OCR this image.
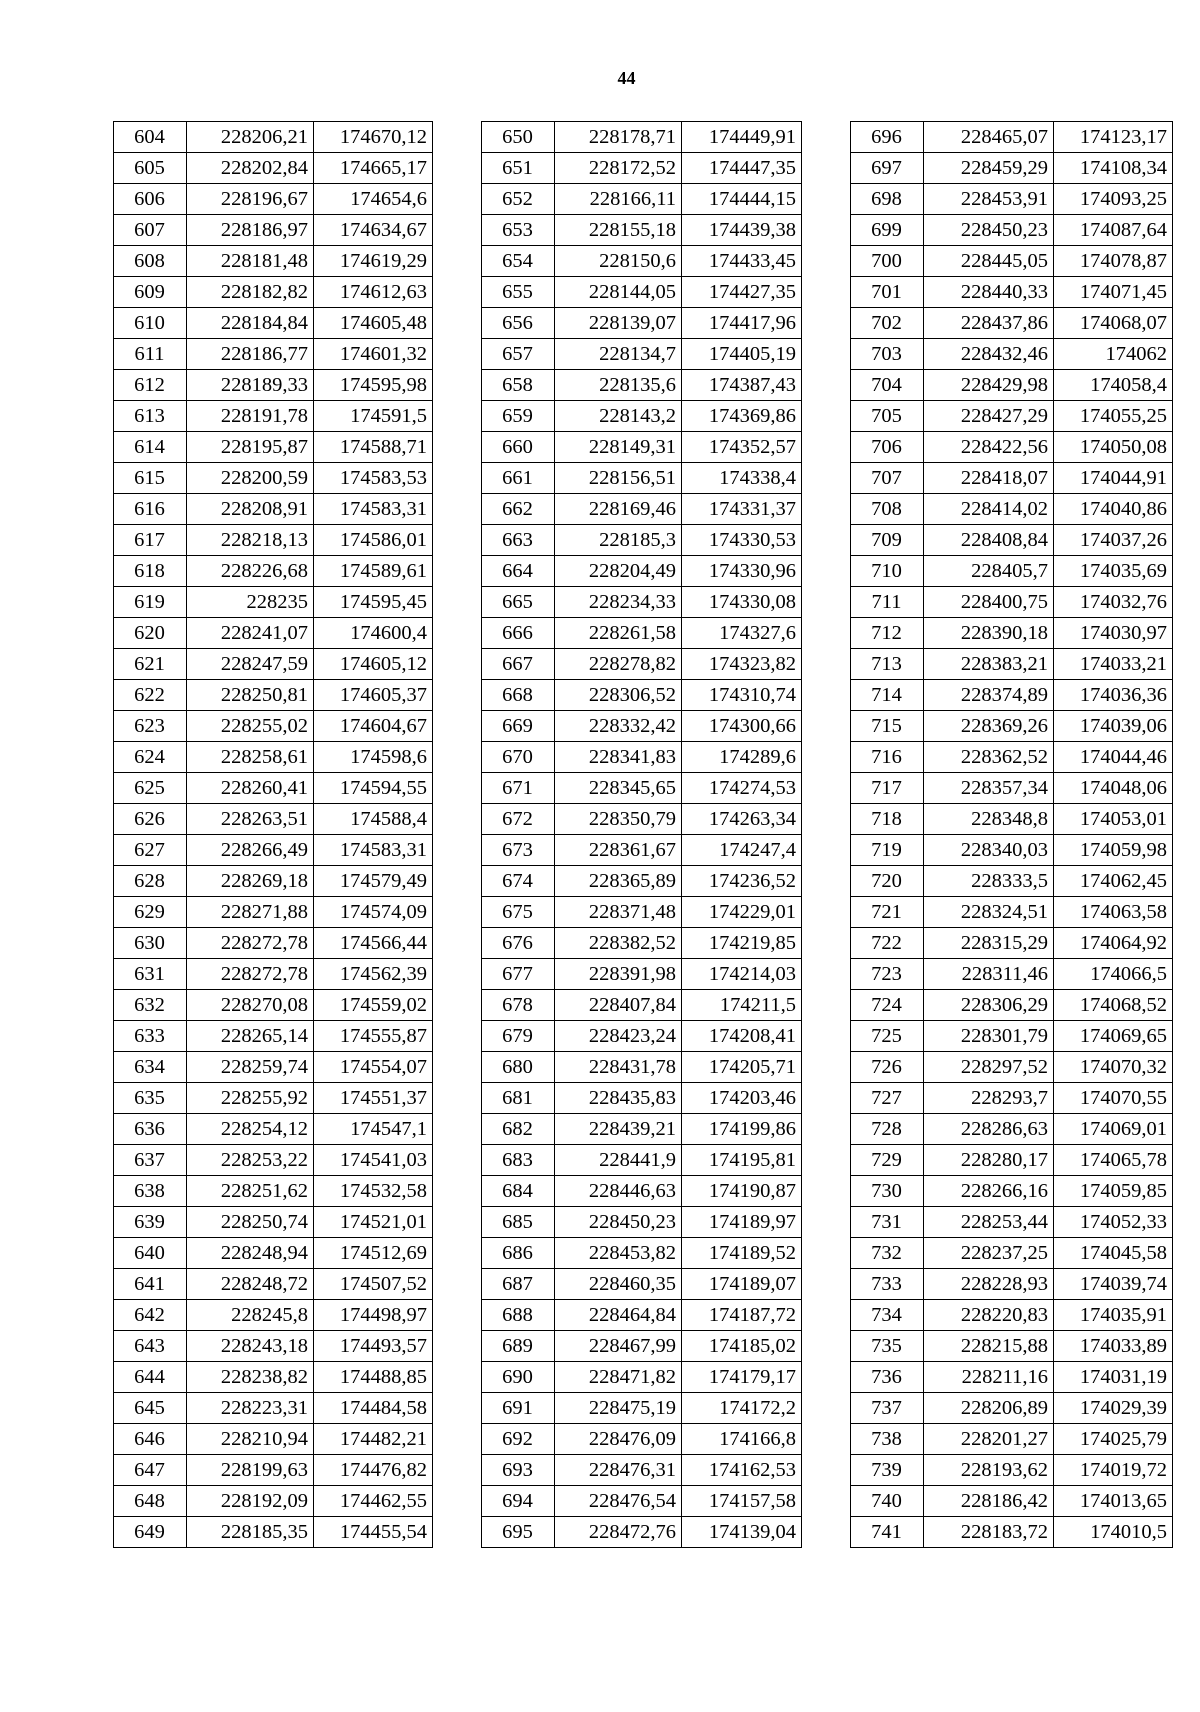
44
604	228206,21	174670,12
605	228202,84	174665,17
606	228196,67	174654,6
607	228186,97	174634,67
608	228181,48	174619,29
609	228182,82	174612,63
610	228184,84	174605,48
611	228186,77	174601,32
612	228189,33	174595,98
613	228191,78	174591,5
614	228195,87	174588,71
615	228200,59	174583,53
616	228208,91	174583,31
617	228218,13	174586,01
618	228226,68	174589,61
619	228235	174595,45
620	228241,07	174600,4
621	228247,59	174605,12
622	228250,81	174605,37
623	228255,02	174604,67
624	228258,61	174598,6
625	228260,41	174594,55
626	228263,51	174588,4
627	228266,49	174583,31
628	228269,18	174579,49
629	228271,88	174574,09
630	228272,78	174566,44
631	228272,78	174562,39
632	228270,08	174559,02
633	228265,14	174555,87
634	228259,74	174554,07
635	228255,92	174551,37
636	228254,12	174547,1
637	228253,22	174541,03
638	228251,62	174532,58
639	228250,74	174521,01
640	228248,94	174512,69
641	228248,72	174507,52
642	228245,8	174498,97
643	228243,18	174493,57
644	228238,82	174488,85
645	228223,31	174484,58
646	228210,94	174482,21
647	228199,63	174476,82
648	228192,09	174462,55
649	228185,35	174455,54
650	228178,71	174449,91
651	228172,52	174447,35
652	228166,11	174444,15
653	228155,18	174439,38
654	228150,6	174433,45
655	228144,05	174427,35
656	228139,07	174417,96
657	228134,7	174405,19
658	228135,6	174387,43
659	228143,2	174369,86
660	228149,31	174352,57
661	228156,51	174338,4
662	228169,46	174331,37
663	228185,3	174330,53
664	228204,49	174330,96
665	228234,33	174330,08
666	228261,58	174327,6
667	228278,82	174323,82
668	228306,52	174310,74
669	228332,42	174300,66
670	228341,83	174289,6
671	228345,65	174274,53
672	228350,79	174263,34
673	228361,67	174247,4
674	228365,89	174236,52
675	228371,48	174229,01
676	228382,52	174219,85
677	228391,98	174214,03
678	228407,84	174211,5
679	228423,24	174208,41
680	228431,78	174205,71
681	228435,83	174203,46
682	228439,21	174199,86
683	228441,9	174195,81
684	228446,63	174190,87
685	228450,23	174189,97
686	228453,82	174189,52
687	228460,35	174189,07
688	228464,84	174187,72
689	228467,99	174185,02
690	228471,82	174179,17
691	228475,19	174172,2
692	228476,09	174166,8
693	228476,31	174162,53
694	228476,54	174157,58
695	228472,76	174139,04
696	228465,07	174123,17
697	228459,29	174108,34
698	228453,91	174093,25
699	228450,23	174087,64
700	228445,05	174078,87
701	228440,33	174071,45
702	228437,86	174068,07
703	228432,46	174062
704	228429,98	174058,4
705	228427,29	174055,25
706	228422,56	174050,08
707	228418,07	174044,91
708	228414,02	174040,86
709	228408,84	174037,26
710	228405,7	174035,69
711	228400,75	174032,76
712	228390,18	174030,97
713	228383,21	174033,21
714	228374,89	174036,36
715	228369,26	174039,06
716	228362,52	174044,46
717	228357,34	174048,06
718	228348,8	174053,01
719	228340,03	174059,98
720	228333,5	174062,45
721	228324,51	174063,58
722	228315,29	174064,92
723	228311,46	174066,5
724	228306,29	174068,52
725	228301,79	174069,65
726	228297,52	174070,32
727	228293,7	174070,55
728	228286,63	174069,01
729	228280,17	174065,78
730	228266,16	174059,85
731	228253,44	174052,33
732	228237,25	174045,58
733	228228,93	174039,74
734	228220,83	174035,91
735	228215,88	174033,89
736	228211,16	174031,19
737	228206,89	174029,39
738	228201,27	174025,79
739	228193,62	174019,72
740	228186,42	174013,65
741	228183,72	174010,5
